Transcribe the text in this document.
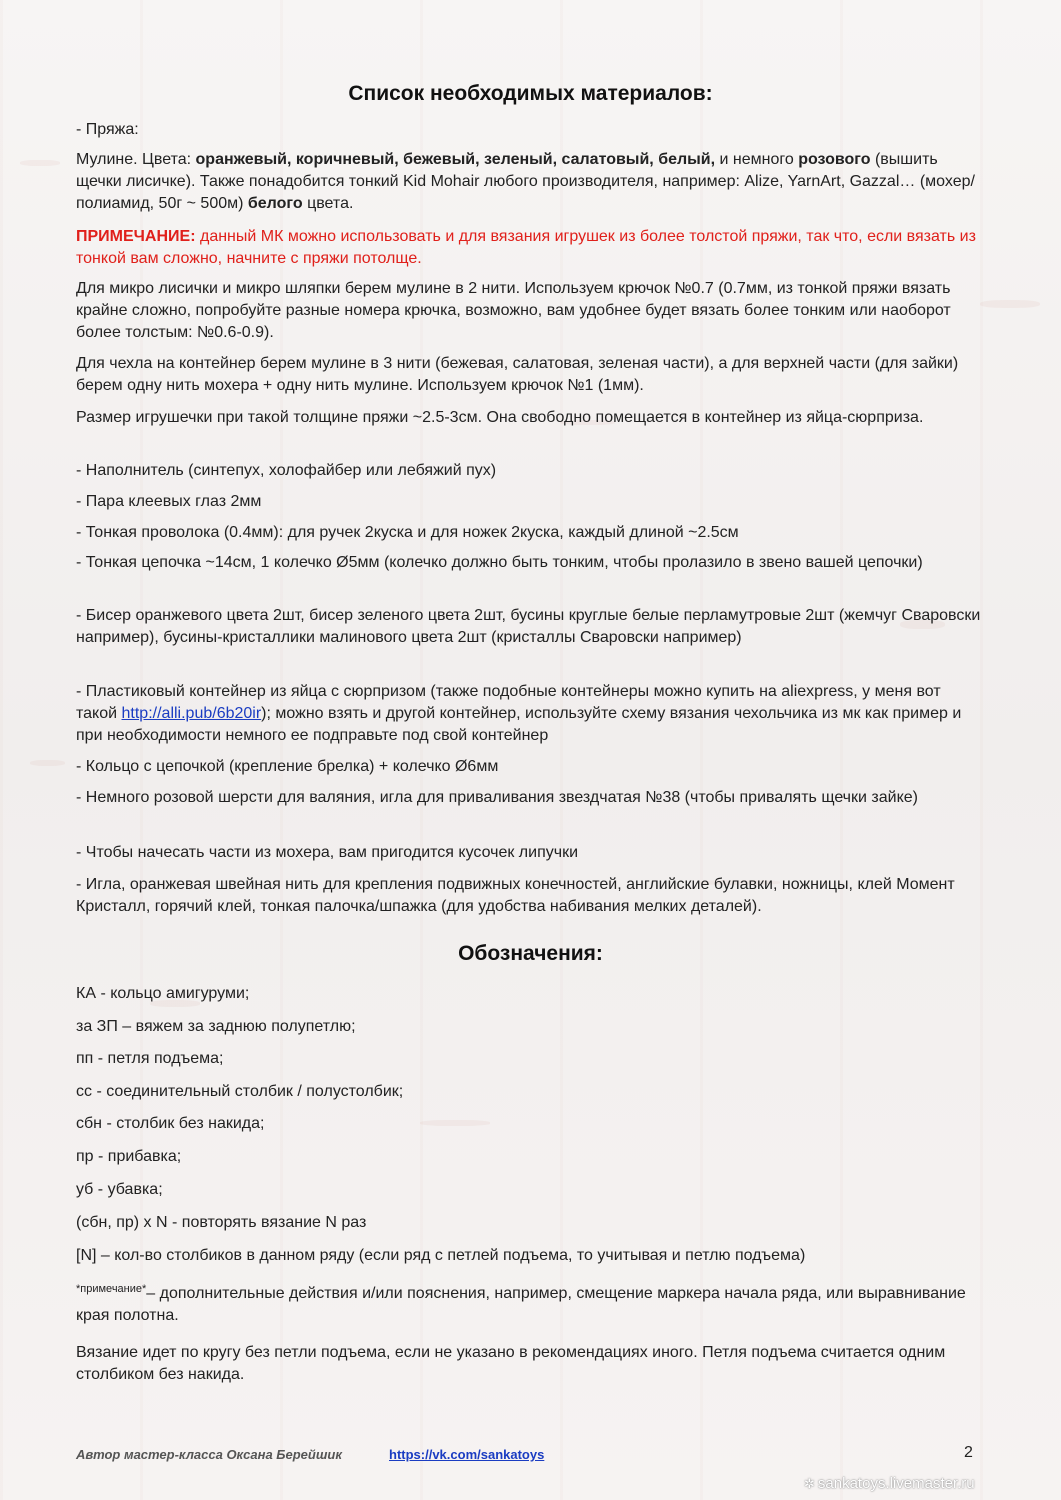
Список необходимых материалов:

- Пряжа:

Мулине. Цвета: оранжевый, коричневый, бежевый, зеленый, салатовый, белый, и немного розового (вышить щечки лисичке). Также понадобится тонкий Kid Mohair любого производителя, например: Alize, YarnArt, Gazzal… (мохер/полиамид, 50г ~ 500м) белого цвета.

ПРИМЕЧАНИЕ: данный МК можно использовать и для вязания игрушек из более толстой пряжи, так что, если вязать из тонкой вам сложно, начните с пряжи потолще.

Для микро лисички и микро шляпки берем мулине в 2 нити. Используем крючок №0.7 (0.7мм, из тонкой пряжи вязать крайне сложно, попробуйте разные номера крючка, возможно, вам удобнее будет вязать более тонким или наоборот более толстым: №0.6-0.9).

Для чехла на контейнер берем мулине в 3 нити (бежевая, салатовая, зеленая части), а для верхней части (для зайки) берем одну нить мохера + одну нить мулине. Используем крючок №1 (1мм).

Размер игрушечки при такой толщине пряжи ~2.5-3см. Она свободно помещается в контейнер из яйца-сюрприза.

- Наполнитель (синтепух, холофайбер или лебяжий пух)

- Пара клеевых глаз 2мм

- Тонкая проволока (0.4мм): для ручек 2куска и для ножек 2куска, каждый длиной ~2.5см

- Тонкая цепочка ~14см, 1 колечко Ø5мм (колечко должно быть тонким, чтобы пролазило в звено вашей цепочки)

- Бисер оранжевого цвета 2шт, бисер зеленого цвета 2шт, бусины круглые белые перламутровые 2шт (жемчуг Сваровски например), бусины-кристаллики малинового цвета 2шт (кристаллы Сваровски например)

- Пластиковый контейнер из яйца с сюрпризом (также подобные контейнеры можно купить на aliexpress, у меня вот такой http://alli.pub/6b20ir); можно взять и другой контейнер, используйте схему вязания чехольчика из мк как пример и при необходимости немного ее подправьте под свой контейнер

- Кольцо с цепочкой (крепление брелка) + колечко Ø6мм

- Немного розовой шерсти для валяния, игла для приваливания звездчатая №38 (чтобы привалять щечки зайке)

- Чтобы начесать части из мохера, вам пригодится кусочек липучки

- Игла, оранжевая швейная нить для крепления подвижных конечностей, английские булавки, ножницы, клей Момент Кристалл, горячий клей, тонкая палочка/шпажка (для удобства набивания мелких деталей).

Обозначения:

КА - кольцо амигуруми;

за ЗП – вяжем за заднюю полупетлю;

пп - петля подъема;

сс - соединительный столбик / полустолбик;

сбн - столбик без накида;

пр - прибавка;

уб - убавка;

(сбн, пр) х N - повторять вязание N раз

[N] – кол-во столбиков в данном ряду (если ряд с петлей подъема, то учитывая и петлю подъема)

$^{*примечание*}$– дополнительные действия и/или пояснения, например, смещение маркера начала ряда, или выравнивание края полотна.

Вязание идет по кругу без петли подъема, если не указано в рекомендациях иного. Петля подъема считается одним столбиком без накида.

Автор мастер-класса Оксана Берейшик	https://vk.com/sankatoys	2
✲ sankatoys.livemaster.ru
